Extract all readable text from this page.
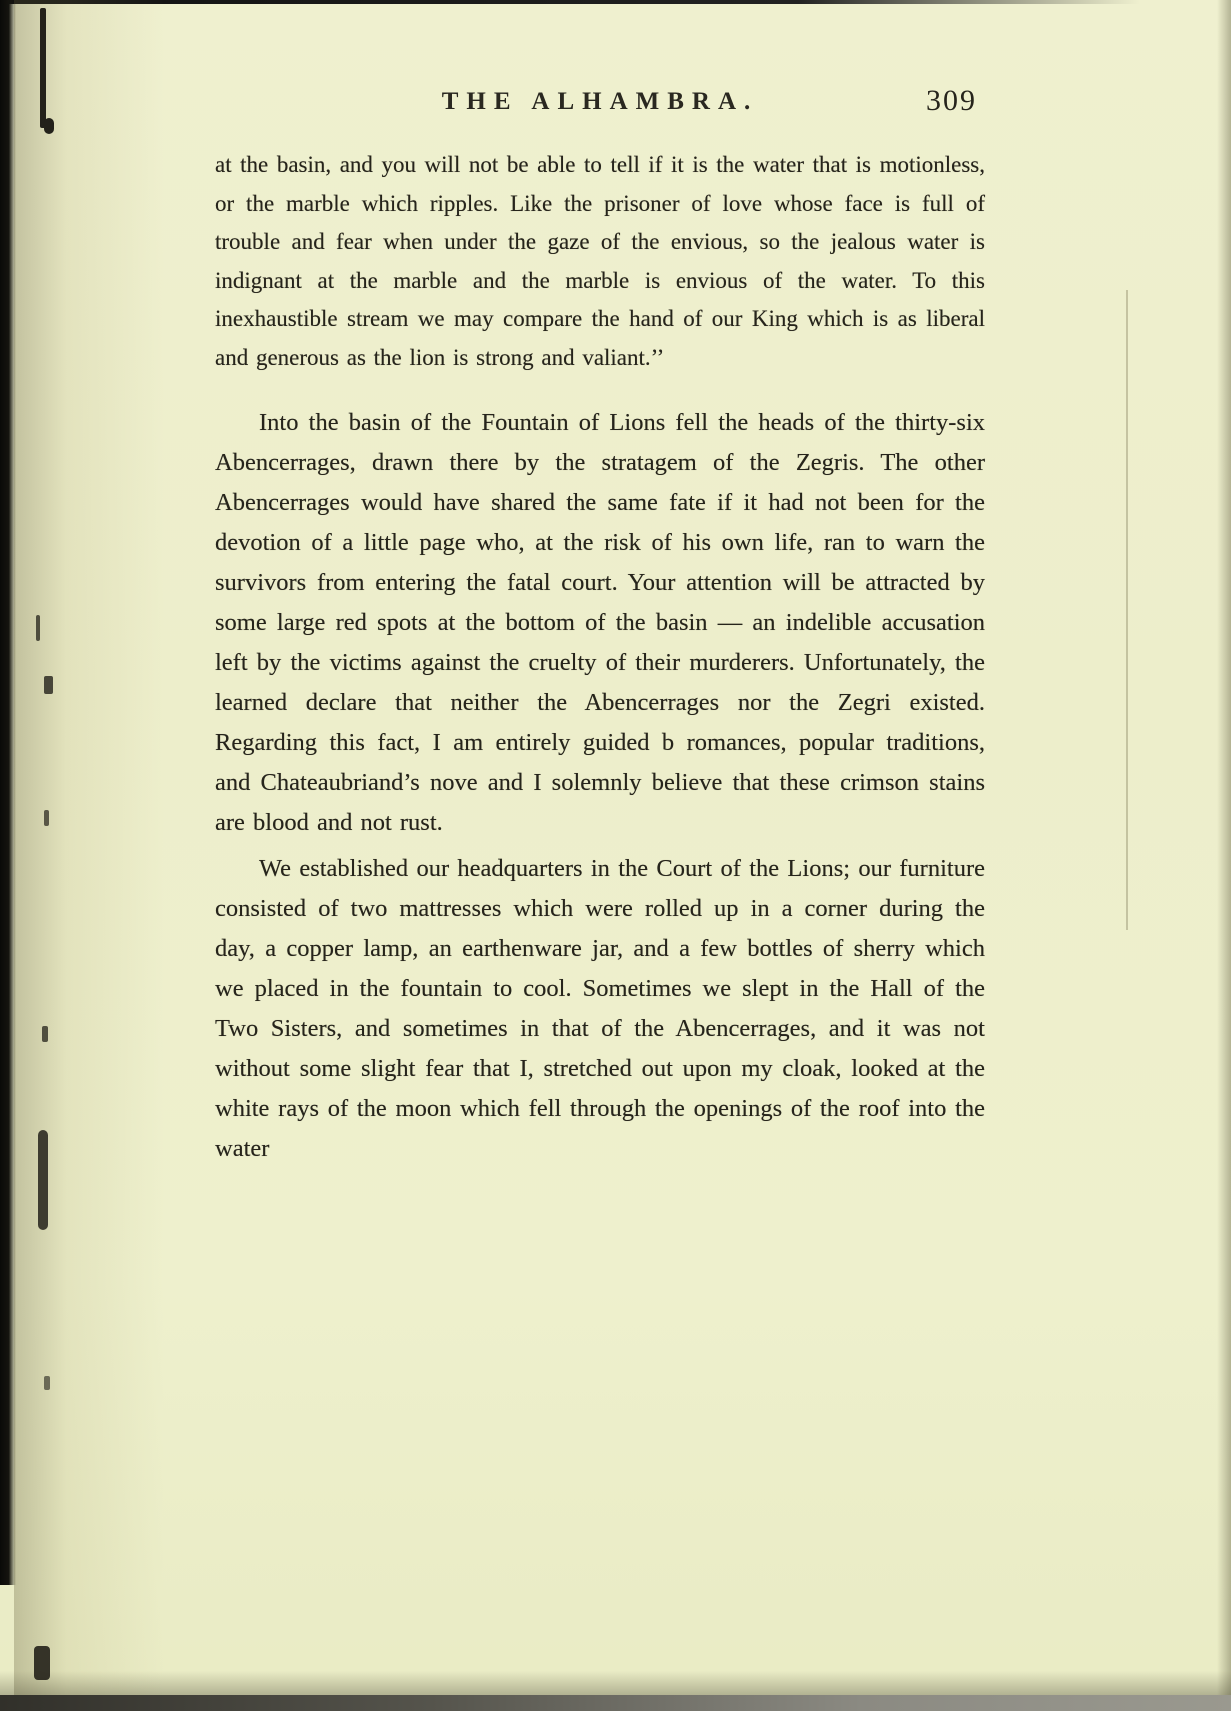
THE ALHAMBRA.	309

at the basin, and you will not be able to tell if it is the water that is motionless, or the marble which ripples. Like the prisoner of love whose face is full of trouble and fear when under the gaze of the envious, so the jealous water is indignant at the marble and the marble is envious of the water. To this inexhaustible stream we may compare the hand of our King which is as liberal and generous as the lion is strong and valiant.’’

Into the basin of the Fountain of Lions fell the heads of the thirty-six Abencerrages, drawn there by the stratagem of the Zegris. The other Abencerrages would have shared the same fate if it had not been for the devotion of a little page who, at the risk of his own life, ran to warn the survivors from entering the fatal court. Your attention will be attracted by some large red spots at the bottom of the basin — an indelible accusation left by the victims against the cruelty of their murderers. Unfortunately, the learned declare that neither the Abencerrages nor the Zegri existed. Regarding this fact, I am entirely guided b romances, popular traditions, and Chateaubriand’s nove and I solemnly believe that these crimson stains are blood and not rust.

We established our headquarters in the Court of the Lions; our furniture consisted of two mattresses which were rolled up in a corner during the day, a copper lamp, an earthenware jar, and a few bottles of sherry which we placed in the fountain to cool. Sometimes we slept in the Hall of the Two Sisters, and sometimes in that of the Abencerrages, and it was not without some slight fear that I, stretched out upon my cloak, looked at the white rays of the moon which fell through the openings of the roof into the water
